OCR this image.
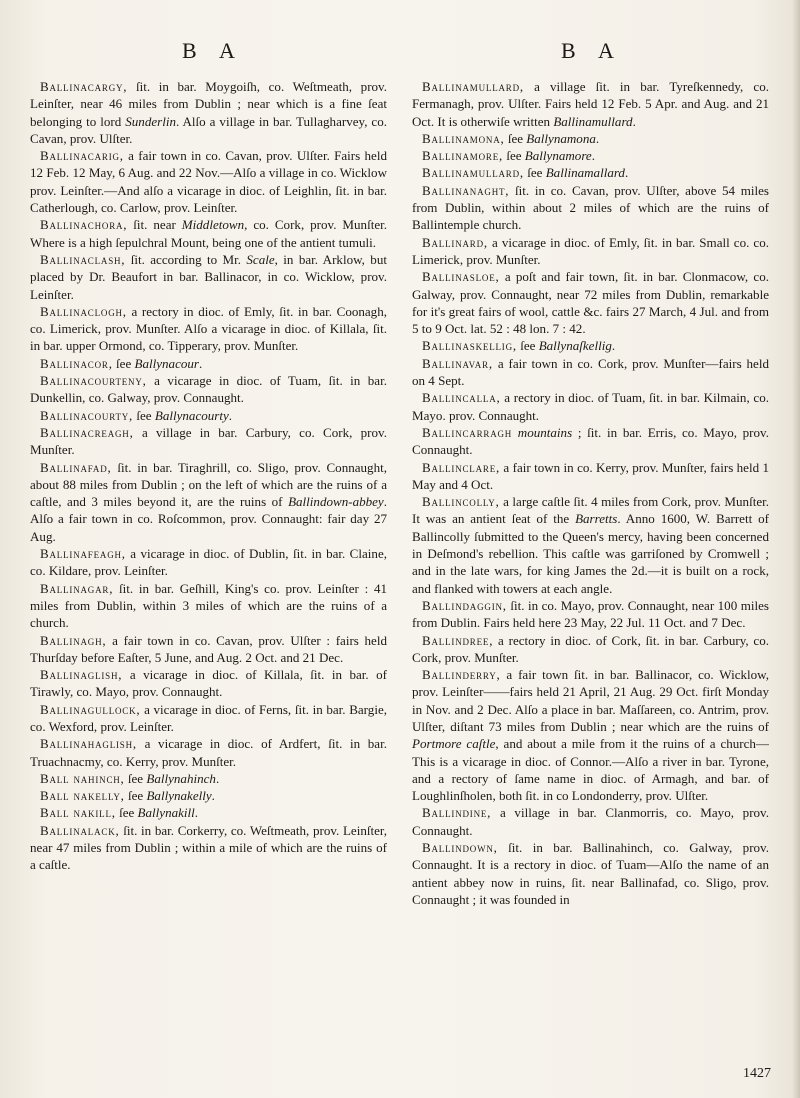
B A	B A

Ballinacargy, ſit. in bar. Moygoiſh, co. Weſtmeath, prov. Leinſter, near 46 miles from Dublin ; near which is a fine ſeat belonging to lord Sunderlin. Alſo a village in bar. Tullagharvey, co. Cavan, prov. Ulſter.

Ballinacarig, a fair town in co. Cavan, prov. Ulſter. Fairs held 12 Feb. 12 May, 6 Aug. and 22 Nov.—Alſo a village in co. Wicklow prov. Leinſter.—And alſo a vicarage in dioc. of Leighlin, ſit. in bar. Catherlough, co. Carlow, prov. Leinſter.

Ballinachora, ſit. near Middletown, co. Cork, prov. Munſter. Where is a high ſepulchral Mount, being one of the antient tumuli.

Ballinaclash, ſit. according to Mr. Scale, in bar. Arklow, but placed by Dr. Beaufort in bar. Ballinacor, in co. Wicklow, prov. Leinſter.

Ballinaclogh, a rectory in dioc. of Emly, ſit. in bar. Coonagh, co. Limerick, prov. Munſter. Alſo a vicarage in dioc. of Killala, ſit. in bar. upper Ormond, co. Tipperary, prov. Munſter.

Ballinacor, ſee Ballynacour.

Ballinacourteny, a vicarage in dioc. of Tuam, ſit. in bar. Dunkellin, co. Galway, prov. Connaught.

Ballinacourty, ſee Ballynacourty.

Ballinacreagh, a village in bar. Carbury, co. Cork, prov. Munſter.

Ballinafad, ſit. in bar. Tiraghrill, co. Sligo, prov. Connaught, about 88 miles from Dublin ; on the left of which are the ruins of a caſtle, and 3 miles beyond it, are the ruins of Ballindown-abbey. Alſo a fair town in co. Roſcommon, prov. Connaught: fair day 27 Aug.

Ballinafeagh, a vicarage in dioc. of Dublin, ſit. in bar. Claine, co. Kildare, prov. Leinſter.

Ballinagar, ſit. in bar. Geſhill, King's co. prov. Leinſter : 41 miles from Dublin, within 3 miles of which are the ruins of a church.

Ballinagh, a fair town in co. Cavan, prov. Ulſter : fairs held Thurſday before Eaſter, 5 June, and Aug. 2 Oct. and 21 Dec.

Ballinaglish, a vicarage in dioc. of Killala, ſit. in bar. of Tirawly, co. Mayo, prov. Connaught.

Ballinagullock, a vicarage in dioc. of Ferns, ſit. in bar. Bargie, co. Wexford, prov. Leinſter.

Ballinahaglish, a vicarage in dioc. of Ardfert, ſit. in bar. Truachnacmy, co. Kerry, prov. Munſter.

Ball nahinch, ſee Ballynahinch.

Ball nakelly, ſee Ballynakelly.

Ball nakill, ſee Ballynakill.

Ballinalack, ſit. in bar. Corkerry, co. Weſtmeath, prov. Leinſter, near 47 miles from Dublin ; within a mile of which are the ruins of a caſtle.

Ballinamullard, a village ſit. in bar. Tyreſkennedy, co. Fermanagh, prov. Ulſter. Fairs held 12 Feb. 5 Apr. and Aug. and 21 Oct. It is otherwiſe written Ballinamullard.

Ballinamona, ſee Ballynamona.

Ballinamore, ſee Ballynamore.

Ballinamullard, ſee Ballinamallard.

Ballinanaght, ſit. in co. Cavan, prov. Ulſter, above 54 miles from Dublin, within about 2 miles of which are the ruins of Ballintemple church.

Ballinard, a vicarage in dioc. of Emly, ſit. in bar. Small co. co. Limerick, prov. Munſter.

Ballinasloe, a poſt and fair town, ſit. in bar. Clonmacow, co. Galway, prov. Connaught, near 72 miles from Dublin, remarkable for it's great fairs of wool, cattle &c. fairs 27 March, 4 Jul. and from 5 to 9 Oct. lat. 52 : 48 lon. 7 : 42.

Ballinaskellig, ſee Ballynaſkellig.

Ballinavar, a fair town in co. Cork, prov. Munſter—fairs held on 4 Sept.

Ballincalla, a rectory in dioc. of Tuam, ſit. in bar. Kilmain, co. Mayo. prov. Connaught.

Ballincarragh mountains ; ſit. in bar. Erris, co. Mayo, prov. Connaught.

Ballinclare, a fair town in co. Kerry, prov. Munſter, fairs held 1 May and 4 Oct.

Ballincolly, a large caſtle ſit. 4 miles from Cork, prov. Munſter. It was an antient ſeat of the Barretts. Anno 1600, W. Barrett of Ballincolly ſubmitted to the Queen's mercy, having been concerned in Deſmond's rebellion. This caſtle was garriſoned by Cromwell ; and in the late wars, for king James the 2d.—it is built on a rock, and flanked with towers at each angle.

Ballindaggin, ſit. in co. Mayo, prov. Connaught, near 100 miles from Dublin. Fairs held here 23 May, 22 Jul. 11 Oct. and 7 Dec.

Ballindree, a rectory in dioc. of Cork, ſit. in bar. Carbury, co. Cork, prov. Munſter.

Ballinderry, a fair town ſit. in bar. Ballinacor, co. Wicklow, prov. Leinſter——fairs held 21 April, 21 Aug. 29 Oct. firſt Monday in Nov. and 2 Dec. Alſo a place in bar. Maſſareen, co. Antrim, prov. Ulſter, diſtant 73 miles from Dublin ; near which are the ruins of Portmore caſtle, and about a mile from it the ruins of a church—This is a vicarage in dioc. of Connor.—Alſo a river in bar. Tyrone, and a rectory of ſame name in dioc. of Armagh, and bar. of Loughlinſholen, both ſit. in co Londonderry, prov. Ulſter.

Ballindine, a village in bar. Clanmorris, co. Mayo, prov. Connaught.

Ballindown, ſit. in bar. Ballinahinch, co. Galway, prov. Connaught. It is a rectory in dioc. of Tuam—Alſo the name of an antient abbey now in ruins, ſit. near Ballinafad, co. Sligo, prov. Connaught ; it was founded in

1427
